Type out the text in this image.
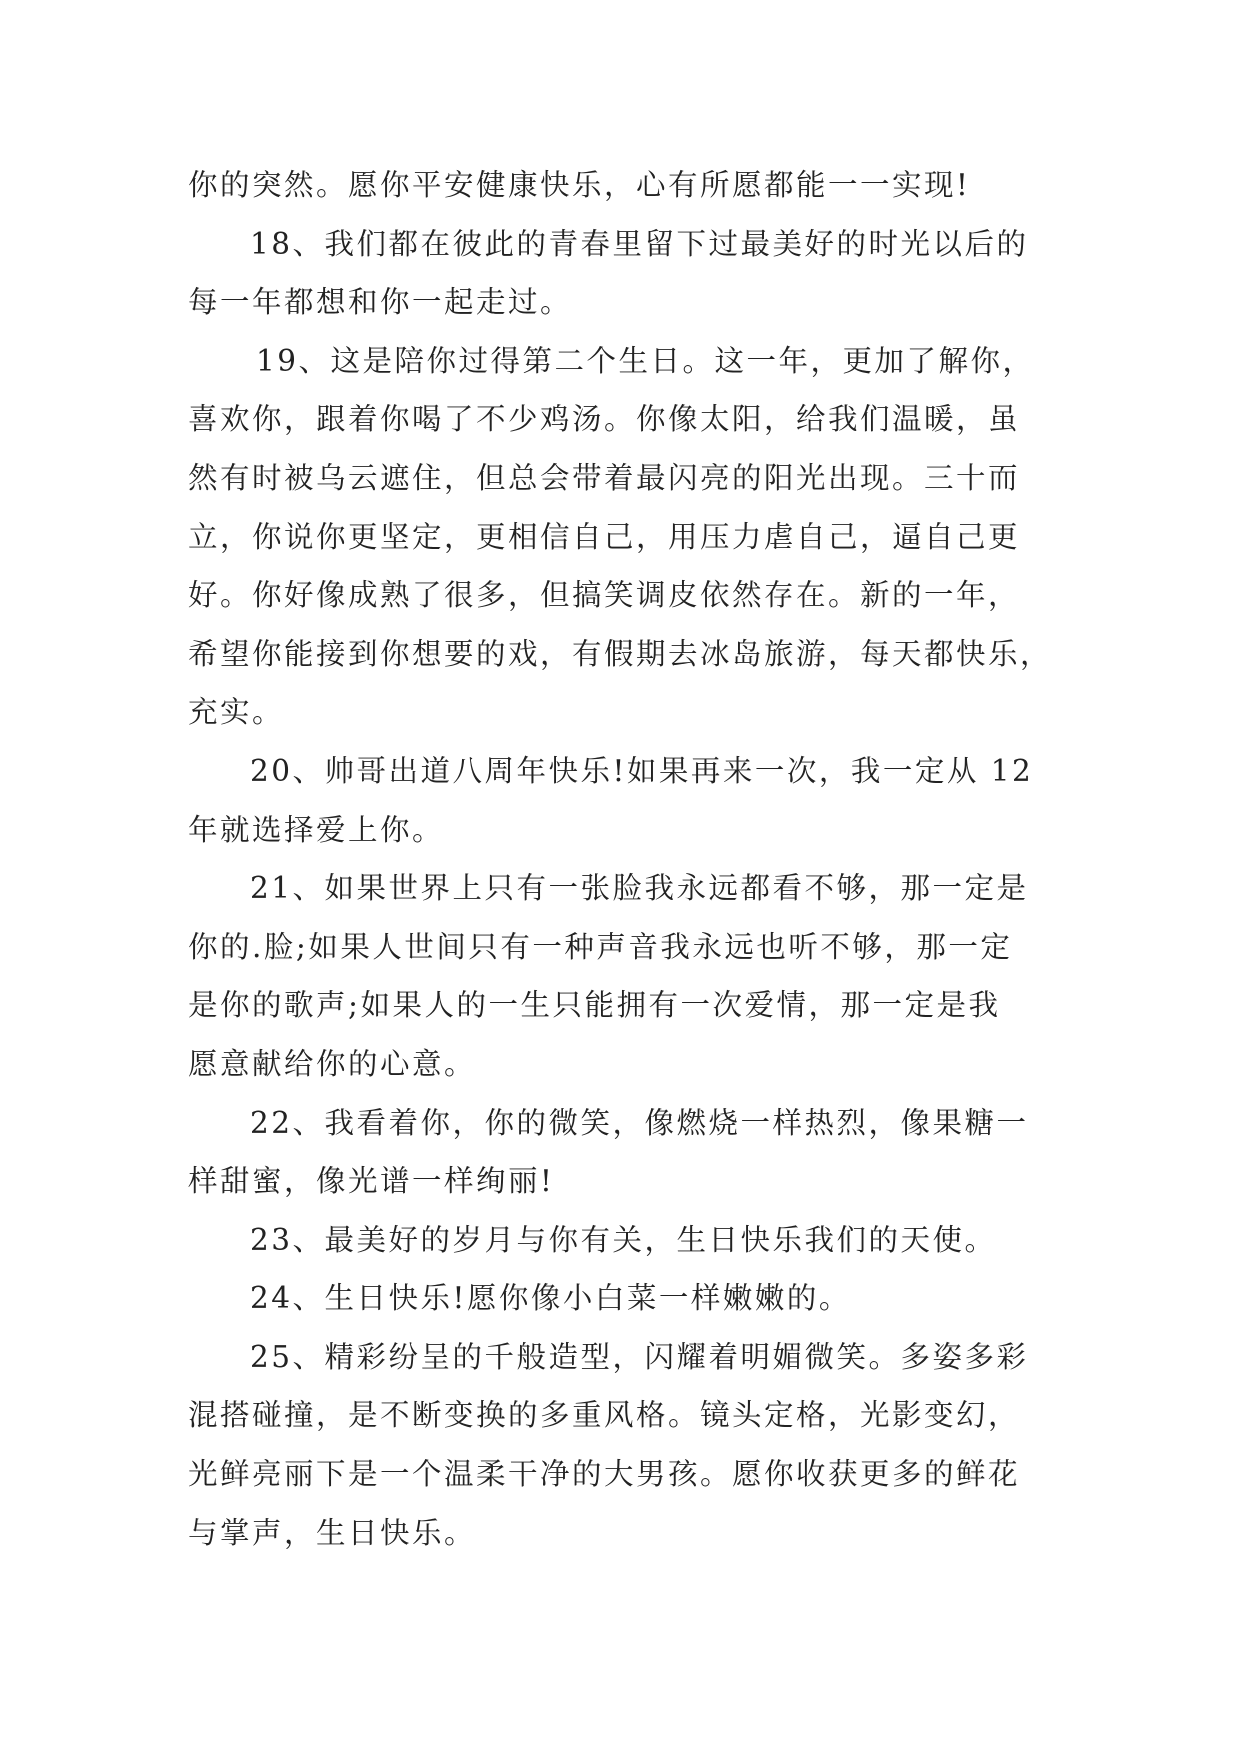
你的突然。愿你平安健康快乐，心有所愿都能一一实现!

18、我们都在彼此的青春里留下过最美好的时光以后的
每一年都想和你一起走过。

19、这是陪你过得第二个生日。这一年，更加了解你，
喜欢你，跟着你喝了不少鸡汤。你像太阳，给我们温暖，虽
然有时被乌云遮住，但总会带着最闪亮的阳光出现。三十而
立，你说你更坚定，更相信自己，用压力虐自己，逼自己更
好。你好像成熟了很多，但搞笑调皮依然存在。新的一年，
希望你能接到你想要的戏，有假期去冰岛旅游，每天都快乐，
充实。

20、帅哥出道八周年快乐!如果再来一次，我一定从 12
年就选择爱上你。

21、如果世界上只有一张脸我永远都看不够，那一定是
你的.脸;如果人世间只有一种声音我永远也听不够，那一定
是你的歌声;如果人的一生只能拥有一次爱情，那一定是我
愿意献给你的心意。

22、我看着你，你的微笑，像燃烧一样热烈，像果糖一
样甜蜜，像光谱一样绚丽!

23、最美好的岁月与你有关，生日快乐我们的天使。

24、生日快乐!愿你像小白菜一样嫩嫩的。

25、精彩纷呈的千般造型，闪耀着明媚微笑。多姿多彩
混搭碰撞，是不断变换的多重风格。镜头定格，光影变幻，
光鲜亮丽下是一个温柔干净的大男孩。愿你收获更多的鲜花
与掌声，生日快乐。
